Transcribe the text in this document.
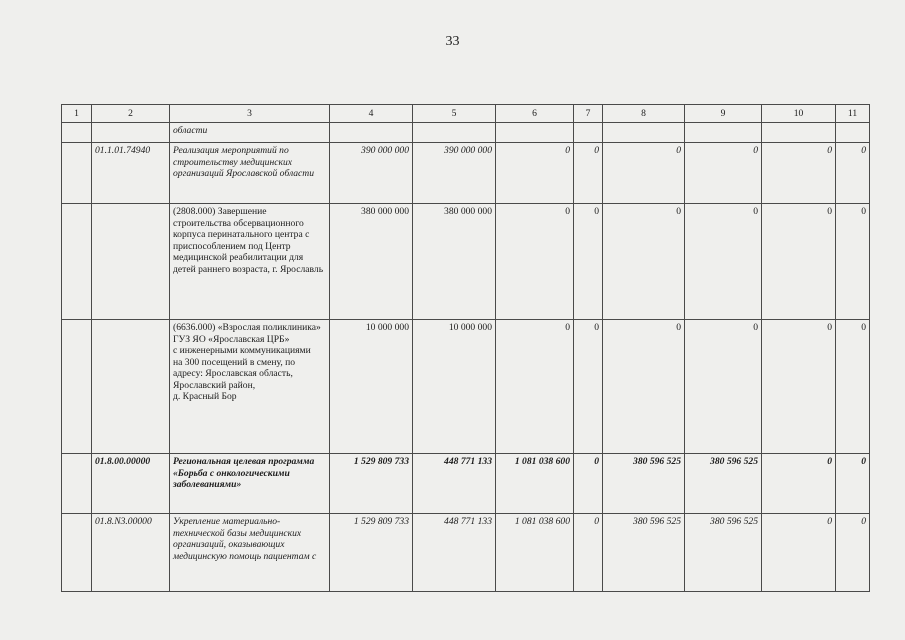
33
1	2	3	4	5	6	7	8	9	10	11
		области								
	01.1.01.74940	Реализация мероприятий по строительству медицинских организаций Ярославской области	390 000 000	390 000 000	0	0	0	0	0	0
		(2808.000) Завершение строительства обсервационного корпуса перинатального центра с приспособлением под Центр медицинской реабилитации для детей раннего возраста, г. Ярославль	380 000 000	380 000 000	0	0	0	0	0	0
		(6636.000) «Взрослая поликлиника» ГУЗ ЯО «Ярославская ЦРБ»
с инженерными коммуникациями
на 300 посещений в смену, по адресу: Ярославская область, Ярославский район,
д. Красный Бор	10 000 000	10 000 000	0	0	0	0	0	0
	01.8.00.00000	Региональная целевая программа «Борьба с онкологическими заболеваниями»	1 529 809 733	448 771 133	1 081 038 600	0	380 596 525	380 596 525	0	0
	01.8.N3.00000	Укрепление материально-технической базы медицинских организаций, оказывающих медицинскую помощь пациентам с	1 529 809 733	448 771 133	1 081 038 600	0	380 596 525	380 596 525	0	0
